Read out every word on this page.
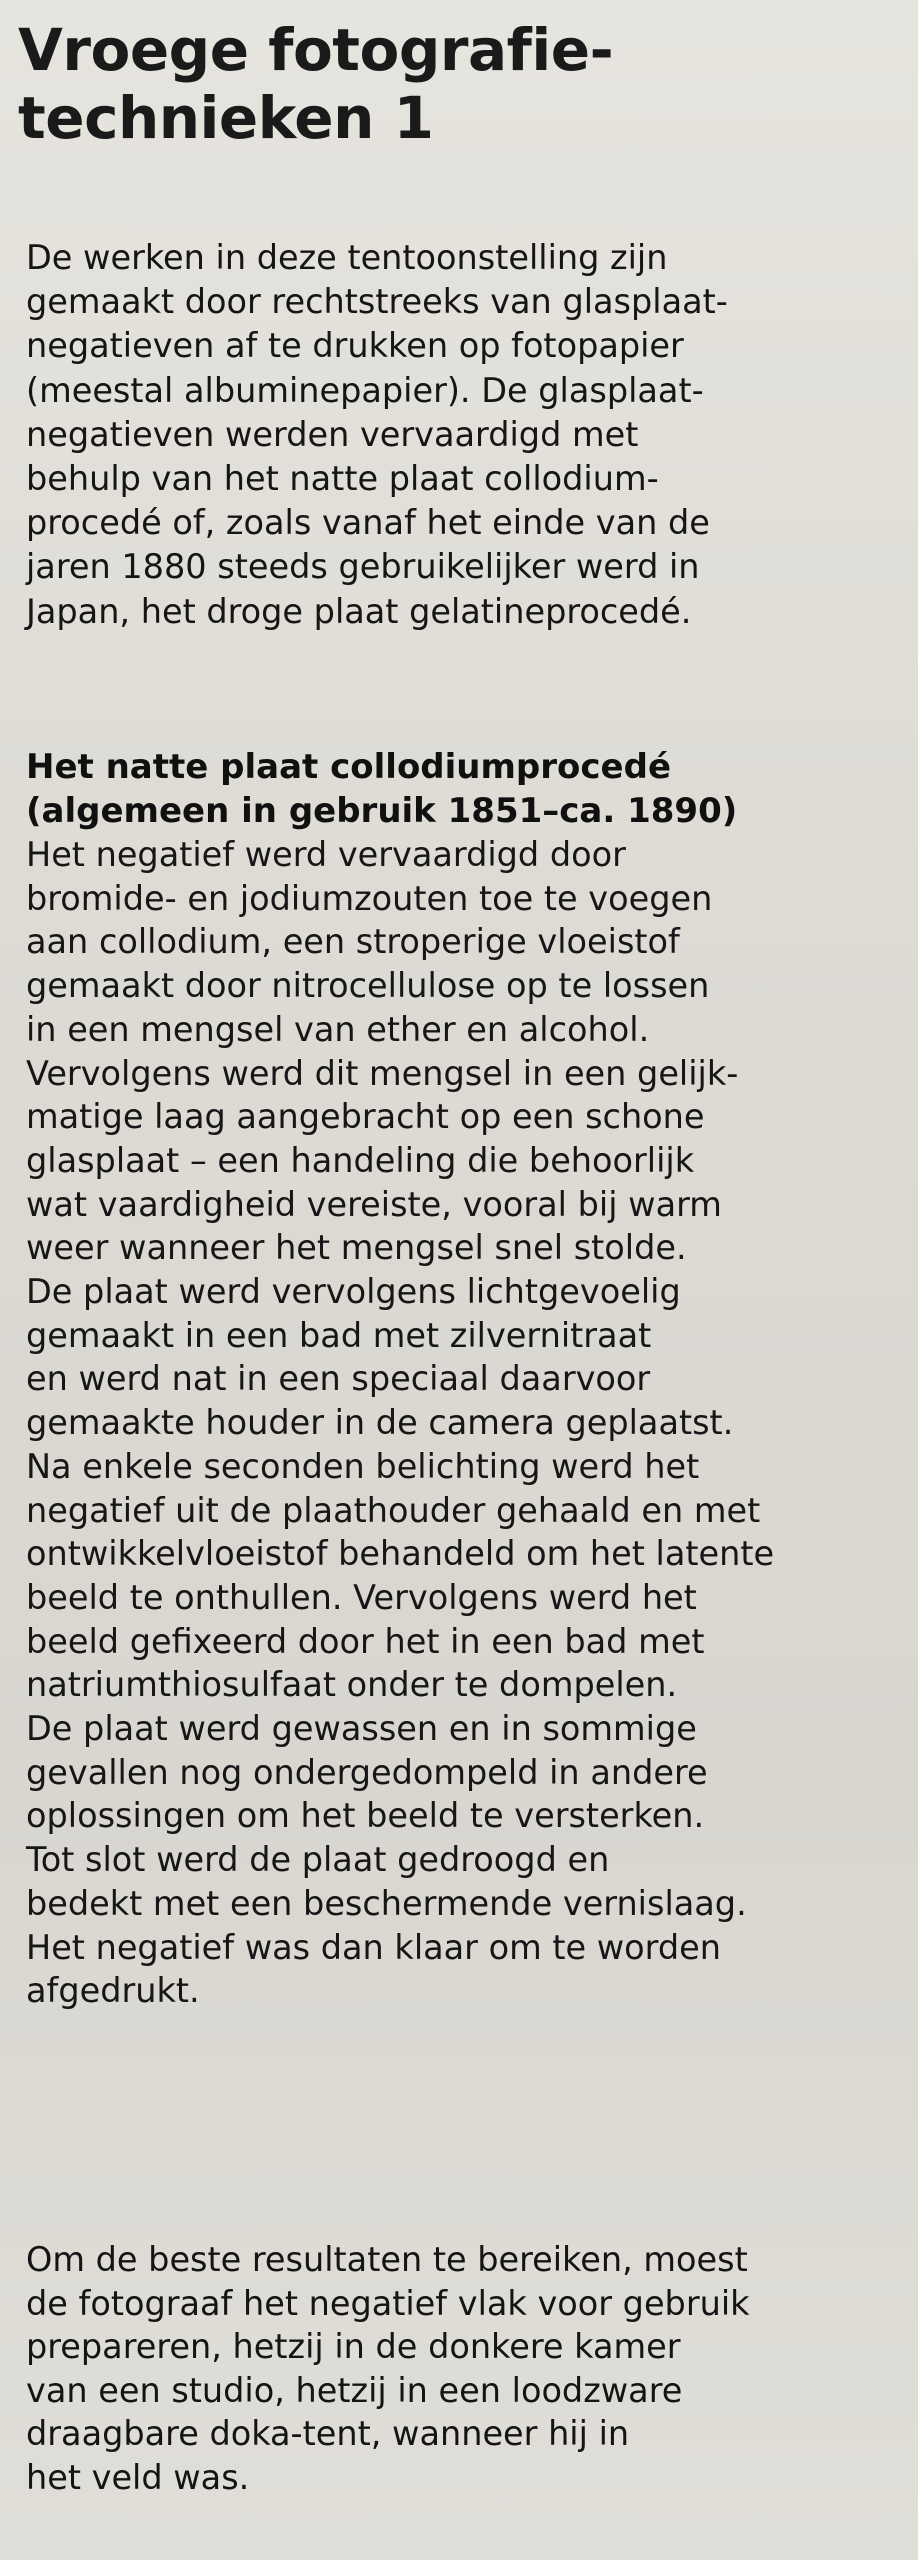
Vroege fotografie-
technieken 1
De werken in deze tentoonstelling zijn
gemaakt door rechtstreeks van glasplaat-
negatieven af te drukken op fotopapier
(meestal albuminepapier). De glasplaat-
negatieven werden vervaardigd met
behulp van het natte plaat collodium-
procedé of, zoals vanaf het einde van de
jaren 1880 steeds gebruikelijker werd in
Japan, het droge plaat gelatineprocedé.
Het natte plaat collodiumprocedé
(algemeen in gebruik 1851–ca. 1890)
Het negatief werd vervaardigd door
bromide- en jodiumzouten toe te voegen
aan collodium, een stroperige vloeistof
gemaakt door nitrocellulose op te lossen
in een mengsel van ether en alcohol.
Vervolgens werd dit mengsel in een gelijk-
matige laag aangebracht op een schone
glasplaat – een handeling die behoorlijk
wat vaardigheid vereiste, vooral bij warm
weer wanneer het mengsel snel stolde.
De plaat werd vervolgens lichtgevoelig
gemaakt in een bad met zilvernitraat
en werd nat in een speciaal daarvoor
gemaakte houder in de camera geplaatst.
Na enkele seconden belichting werd het
negatief uit de plaathouder gehaald en met
ontwikkelvloeistof behandeld om het latente
beeld te onthullen. Vervolgens werd het
beeld gefixeerd door het in een bad met
natriumthiosulfaat onder te dompelen.
De plaat werd gewassen en in sommige
gevallen nog ondergedompeld in andere
oplossingen om het beeld te versterken.
Tot slot werd de plaat gedroogd en
bedekt met een beschermende vernislaag.
Het negatief was dan klaar om te worden
afgedrukt.
Om de beste resultaten te bereiken, moest
de fotograaf het negatief vlak voor gebruik
prepareren, hetzij in de donkere kamer
van een studio, hetzij in een loodzware
draagbare doka-tent, wanneer hij in
het veld was.
